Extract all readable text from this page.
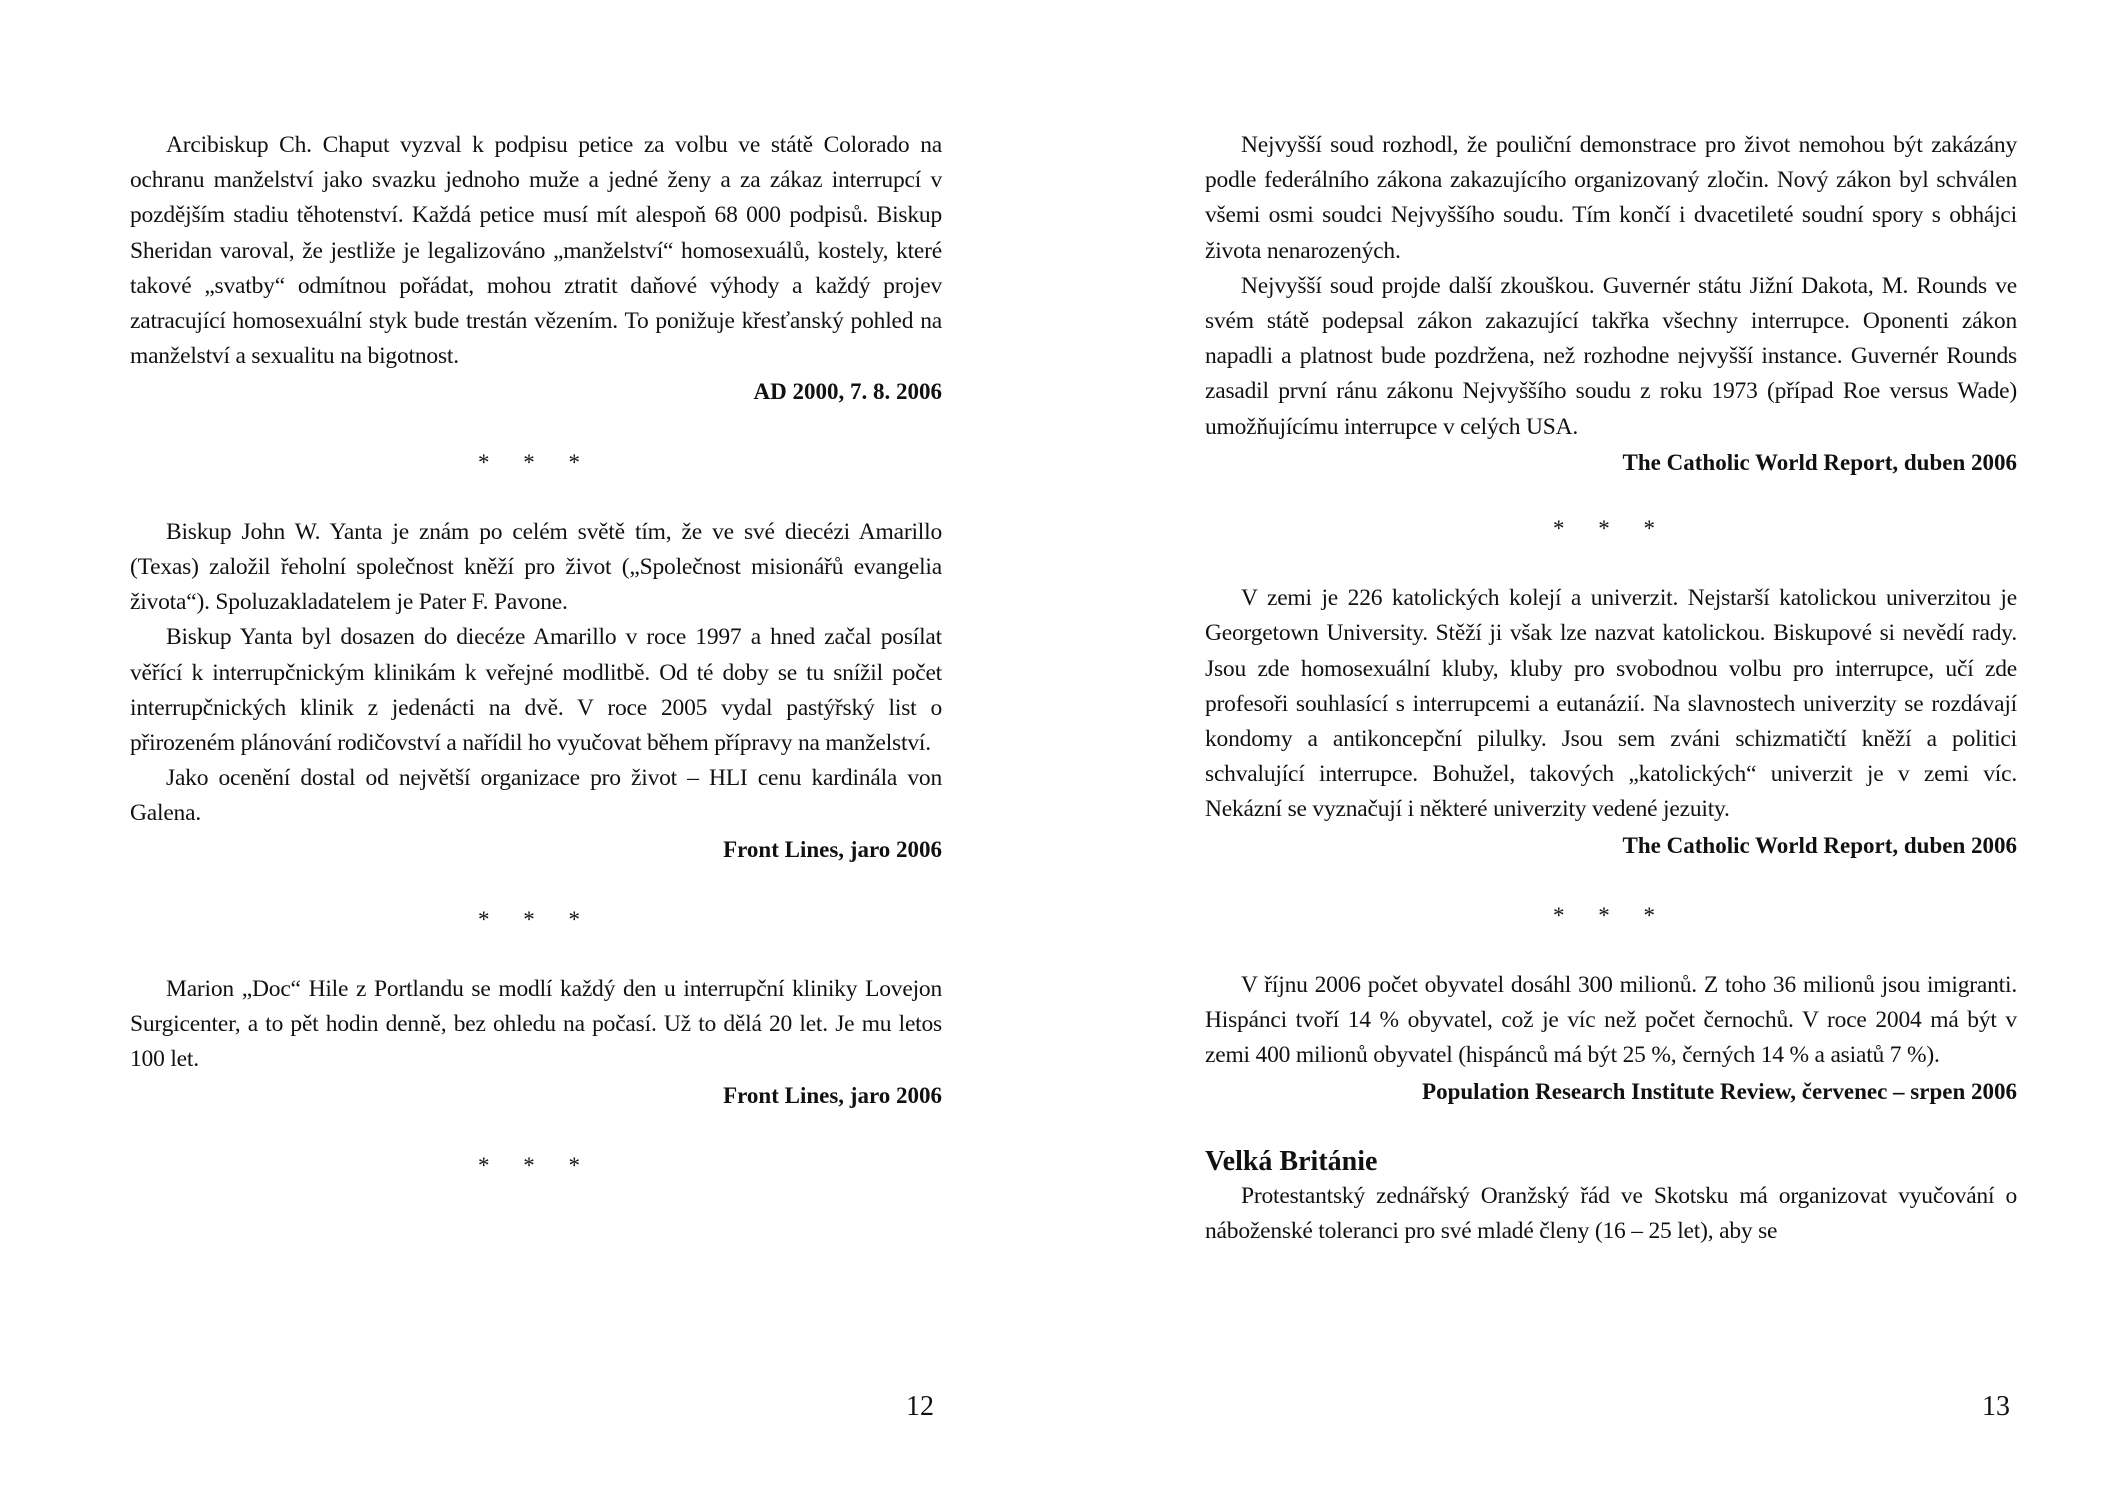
Arcibiskup Ch. Chaput vyzval k podpisu petice za volbu ve státě Colorado na ochranu manželství jako svazku jednoho muže a jedné ženy a za zákaz interrupcí v pozdějším stadiu těhotenství. Každá petice musí mít alespoň 68 000 podpisů. Biskup Sheridan varoval, že jestliže je legalizováno „manželství“ homosexuálů, kostely, které takové „svatby“ odmítnou pořádat, mohou ztratit daňové výhody a každý projev zatracující homosexuální styk bude trestán vězením. To ponižuje křesťanský pohled na manželství a sexualitu na bigotnost.

AD 2000, 7. 8. 2006

* * *

Biskup John W. Yanta je znám po celém světě tím, že ve své diecézi Amarillo (Texas) založil řeholní společnost kněží pro život („Společnost misionářů evangelia života“). Spoluzakladatelem je Pater F. Pavone.

Biskup Yanta byl dosazen do diecéze Amarillo v roce 1997 a hned začal posílat věřící k interrupčnickým klinikám k veřejné modlitbě. Od té doby se tu snížil počet interrupčnických klinik z jedenácti na dvě. V roce 2005 vydal pastýřský list o přirozeném plánování rodičovství a nařídil ho vyučovat během přípravy na manželství.

Jako ocenění dostal od největší organizace pro život – HLI cenu kardinála von Galena.

Front Lines, jaro 2006

* * *

Marion „Doc“ Hile z Portlandu se modlí každý den u interrupční kliniky Lovejon Surgicenter, a to pět hodin denně, bez ohledu na počasí. Už to dělá 20 let. Je mu letos 100 let.

Front Lines, jaro 2006

* * *

12

Nejvyšší soud rozhodl, že pouliční demonstrace pro život nemohou být zakázány podle federálního zákona zakazujícího organizovaný zločin. Nový zákon byl schválen všemi osmi soudci Nejvyššího soudu. Tím končí i dvacetileté soudní spory s obhájci života nenarozených.

Nejvyšší soud projde další zkouškou. Guvernér státu Jižní Dakota, M. Rounds ve svém státě podepsal zákon zakazující takřka všechny interrupce. Oponenti zákon napadli a platnost bude pozdržena, než rozhodne nejvyšší instance. Guvernér Rounds zasadil první ránu zákonu Nejvyššího soudu z roku 1973 (případ Roe versus Wade) umožňujícímu interrupce v celých USA.

The Catholic World Report, duben 2006

* * *

V zemi je 226 katolických kolejí a univerzit. Nejstarší katolickou univerzitou je Georgetown University. Stěží ji však lze nazvat katolickou. Biskupové si nevědí rady. Jsou zde homosexuální kluby, kluby pro svobodnou volbu pro interrupce, učí zde profesoři souhlasící s interrupcemi a eutanázií. Na slavnostech univerzity se rozdávají kondomy a antikoncepční pilulky. Jsou sem zváni schizmatičtí kněží a politici schvalující interrupce. Bohužel, takových „katolických“ univerzit je v zemi víc. Nekázní se vyznačují i některé univerzity vedené jezuity.

The Catholic World Report, duben 2006

* * *

V říjnu 2006 počet obyvatel dosáhl 300 milionů. Z toho 36 milionů jsou imigranti. Hispánci tvoří 14 % obyvatel, což je víc než počet černochů. V roce 2004 má být v zemi 400 milionů obyvatel (hispánců má být 25 %, černých 14 % a asiatů 7 %).

Population Research Institute Review, červenec – srpen 2006

Velká Británie

Protestantský zednářský Oranžský řád ve Skotsku má organizovat vyučování o náboženské toleranci pro své mladé členy (16 – 25 let), aby se

13
